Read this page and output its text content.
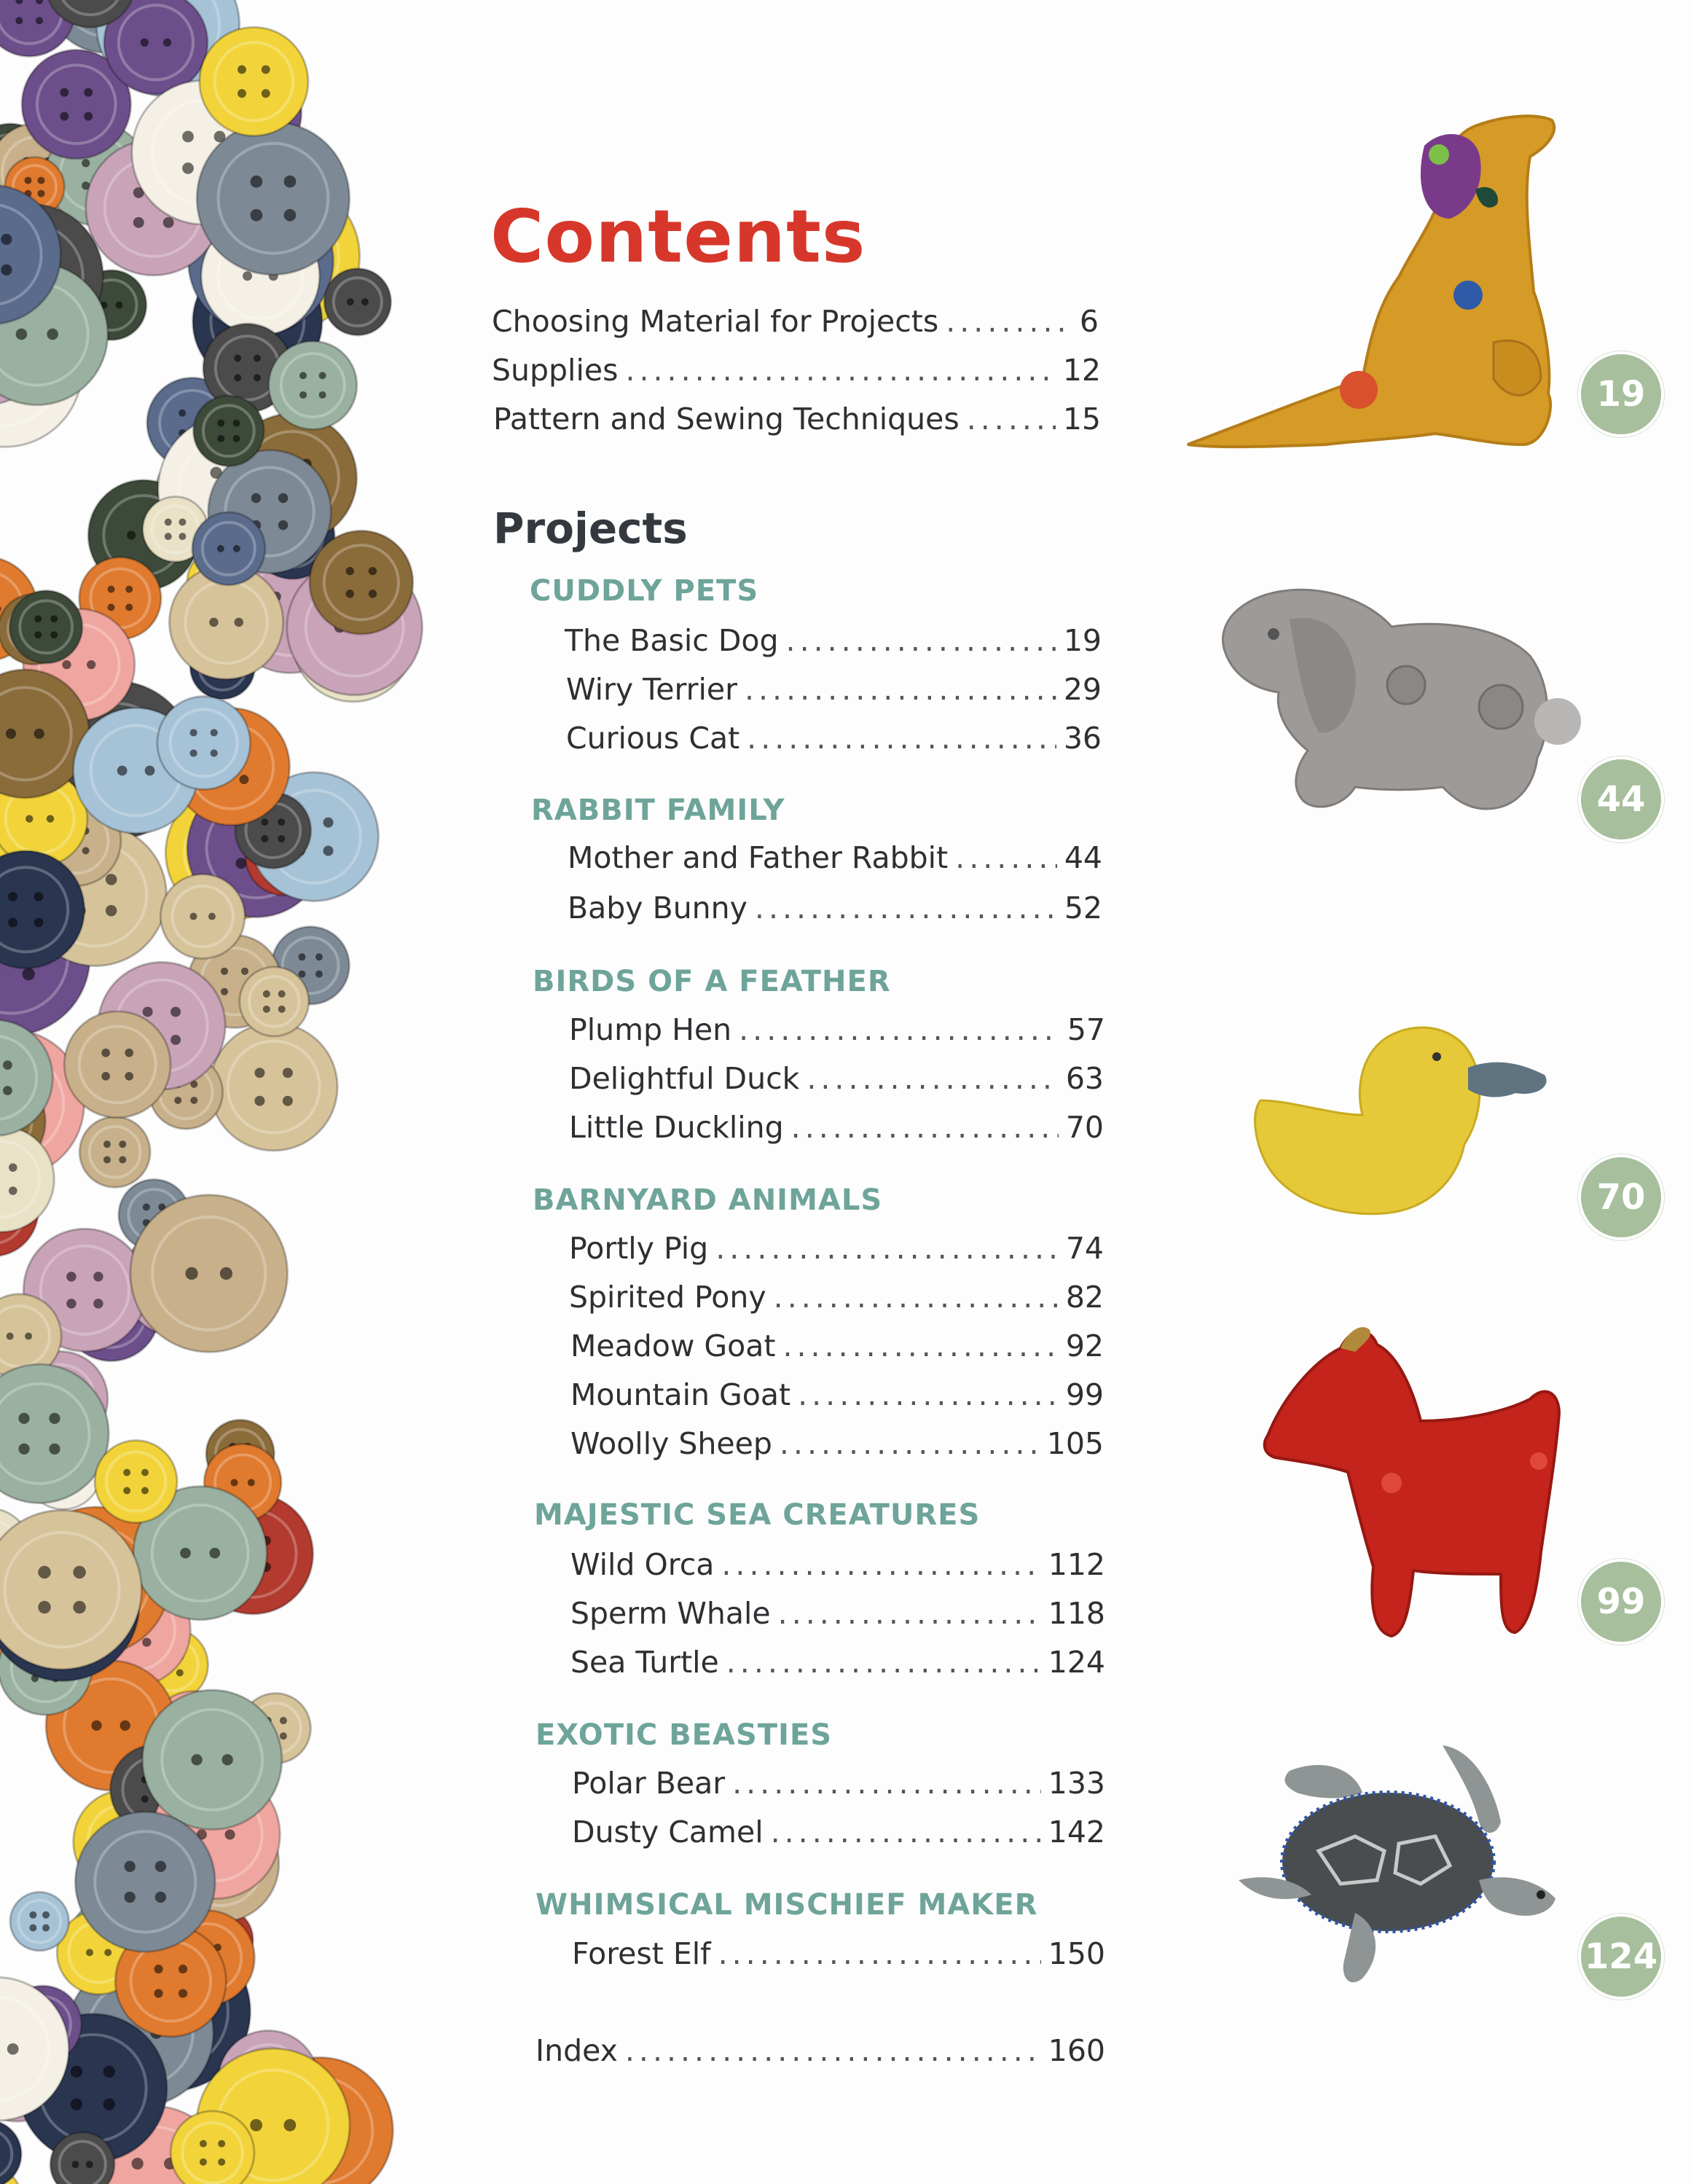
Contents
Choosing Material for Projects .....	6
Supplies .....	12
Pattern and Sewing Techniques .....	15
Projects
CUDDLY PETS
The Basic Dog .....	19
Wiry Terrier .....	29
Curious Cat .....	36
RABBIT FAMILY
Mother and Father Rabbit .....	44
Baby Bunny .....	52
BIRDS OF A FEATHER
Plump Hen .....	57
Delightful Duck .....	63
Little Duckling .....	70
BARNYARD ANIMALS
Portly Pig .....	74
Spirited Pony .....	82
Meadow Goat .....	92
Mountain Goat .....	99
Woolly Sheep .....	105
MAJESTIC SEA CREATURES
Wild Orca .....	112
Sperm Whale .....	118
Sea Turtle .....	124
EXOTIC BEASTIES
Polar Bear .....	133
Dusty Camel .....	142
WHIMSICAL MISCHIEF MAKER
Forest Elf .....	150
Index .....	160
19
44
70
99
124
